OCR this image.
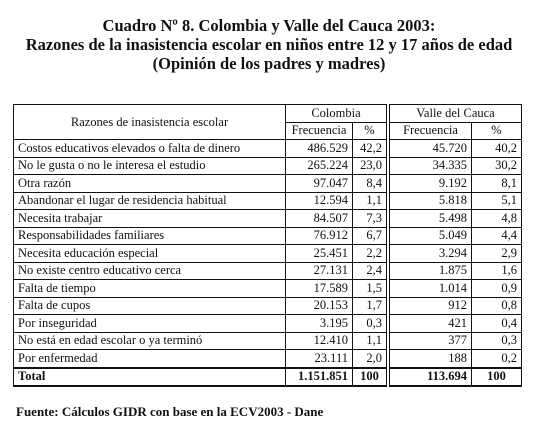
Cuadro Nº 8. Colombia y Valle del Cauca 2003:
Razones de la inasistencia escolar en niños entre 12 y 17 años de edad
(Opinión de los padres y madres)
Razones de inasistencia escolar	Colombia			Valle del Cauca	
	Frecuencia	%		Frecuencia	%
Costos educativos elevados o falta de dinero	486.529	42,2		45.720	40,2
No le gusta o no le interesa el estudio	265.224	23,0		34.335	30,2
Otra razón	97.047	8,4		9.192	8,1
Abandonar el lugar de residencia habitual	12.594	1,1		5.818	5,1
Necesita trabajar	84.507	7,3		5.498	4,8
Responsabilidades familiares	76.912	6,7		5.049	4,4
Necesita educación especial	25.451	2,2		3.294	2,9
No existe centro educativo cerca	27.131	2,4		1.875	1,6
Falta de tiempo	17.589	1,5		1.014	0,9
Falta de cupos	20.153	1,7		912	0,8
Por inseguridad	3.195	0,3		421	0,4
No está en edad escolar o ya terminó	12.410	1,1		377	0,3
Por enfermedad	23.111	2,0		188	0,2
Total	1.151.851	100		113.694	100
Fuente: Cálculos GIDR con base en la ECV2003 - Dane
